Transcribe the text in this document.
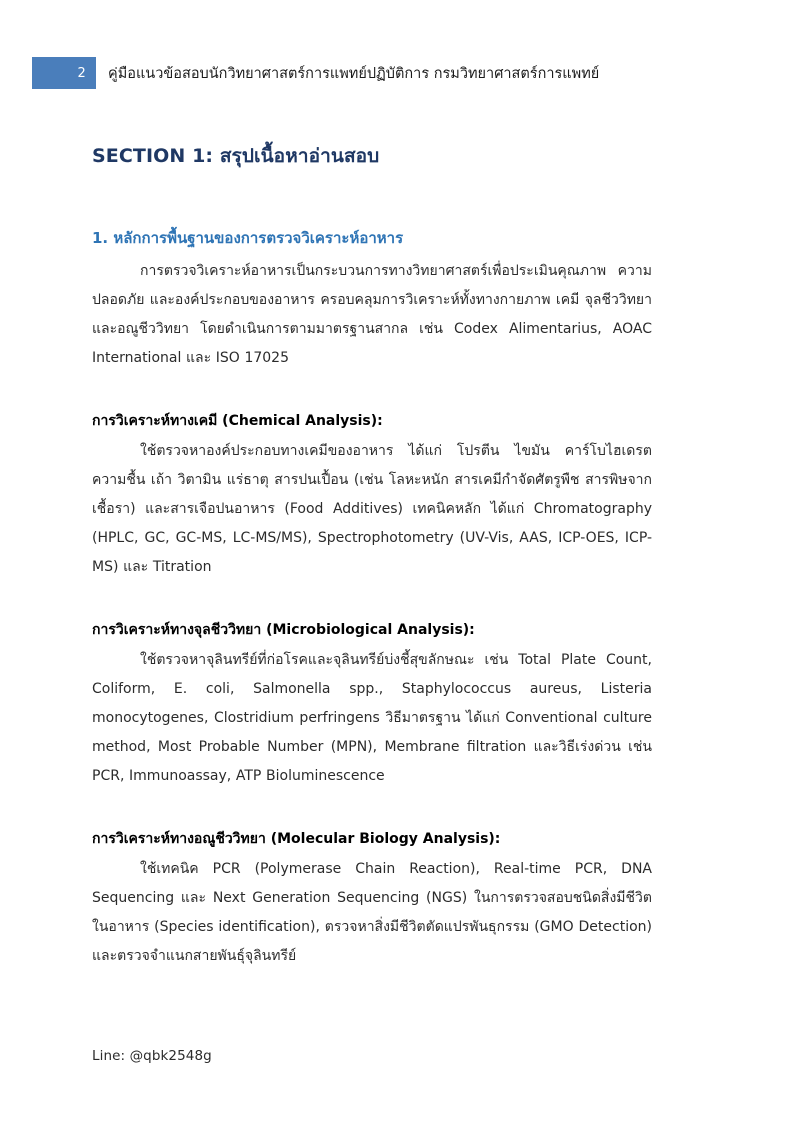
2	คู่มือแนวข้อสอบนักวิทยาศาสตร์การแพทย์ปฏิบัติการ กรมวิทยาศาสตร์การแพทย์
SECTION 1: สรุปเนื้อหาอ่านสอบ
1. หลักการพื้นฐานของการตรวจวิเคราะห์อาหาร

การตรวจวิเคราะห์อาหารเป็นกระบวนการทางวิทยาศาสตร์เพื่อประเมินคุณภาพ ความปลอดภัย และองค์ประกอบของอาหาร ครอบคลุมการวิเคราะห์ทั้งทางกายภาพ เคมี จุลชีววิทยา และอณูชีววิทยา โดยดำเนินการตามมาตรฐานสากล เช่น Codex Alimentarius, AOAC International และ ISO 17025

การวิเคราะห์ทางเคมี (Chemical Analysis):

ใช้ตรวจหาองค์ประกอบทางเคมีของอาหาร ได้แก่ โปรตีน ไขมัน คาร์โบไฮเดรต ความชื้น เถ้า วิตามิน แร่ธาตุ สารปนเปื้อน (เช่น โลหะหนัก สารเคมีกำจัดศัตรูพืช สารพิษจากเชื้อรา) และสารเจือปนอาหาร (Food Additives) เทคนิคหลัก ได้แก่ Chromatography (HPLC, GC, GC-MS, LC-MS/MS), Spectrophotometry (UV-Vis, AAS, ICP-OES, ICP-MS) และ Titration

การวิเคราะห์ทางจุลชีววิทยา (Microbiological Analysis):

ใช้ตรวจหาจุลินทรีย์ที่ก่อโรคและจุลินทรีย์บ่งชี้สุขลักษณะ เช่น Total Plate Count, Coliform, E. coli, Salmonella spp., Staphylococcus aureus, Listeria monocytogenes, Clostridium perfringens วิธีมาตรฐาน ได้แก่ Conventional culture method, Most Probable Number (MPN), Membrane filtration และวิธีเร่งด่วน เช่น PCR, Immunoassay, ATP Bioluminescence

การวิเคราะห์ทางอณูชีววิทยา (Molecular Biology Analysis):

ใช้เทคนิค PCR (Polymerase Chain Reaction), Real-time PCR, DNA Sequencing และ Next Generation Sequencing (NGS) ในการตรวจสอบชนิดสิ่งมีชีวิตในอาหาร (Species identification), ตรวจหาสิ่งมีชีวิตตัดแปรพันธุกรรม (GMO Detection) และตรวจจำแนกสายพันธุ์จุลินทรีย์

Line: @qbk2548g
